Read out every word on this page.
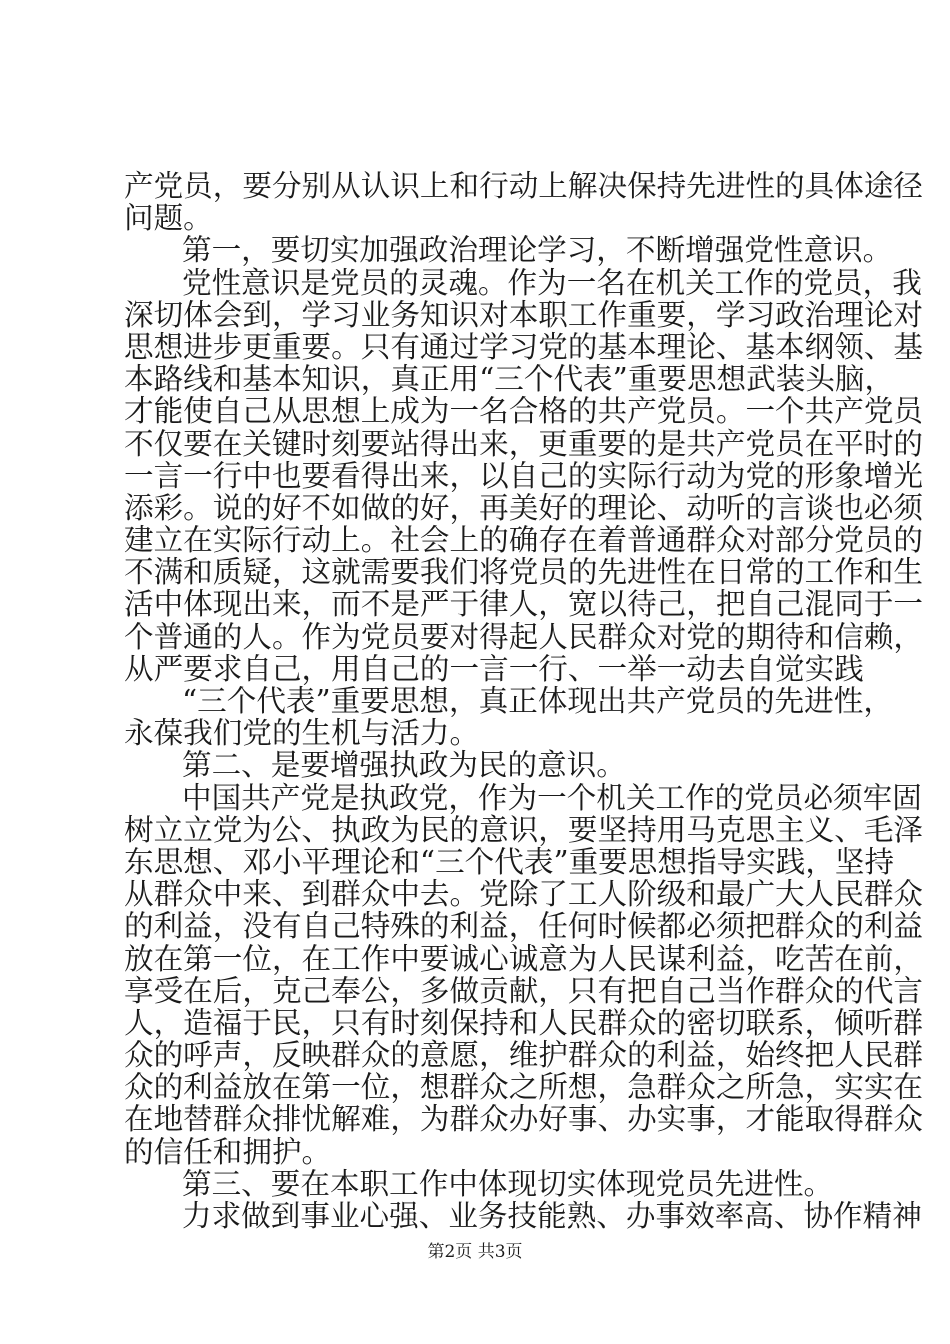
产党员，要分别从认识上和行动上解决保持先进性的具体途径
问题。
第一，要切实加强政治理论学习，不断增强党性意识。
党性意识是党员的灵魂。作为一名在机关工作的党员，我
深切体会到，学习业务知识对本职工作重要，学习政治理论对
思想进步更重要。只有通过学习党的基本理论、基本纲领、基
本路线和基本知识，真正用“三个代表”重要思想武装头脑，
才能使自己从思想上成为一名合格的共产党员。一个共产党员
不仅要在关键时刻要站得出来，更重要的是共产党员在平时的
一言一行中也要看得出来，以自己的实际行动为党的形象增光
添彩。说的好不如做的好，再美好的理论、动听的言谈也必须
建立在实际行动上。社会上的确存在着普通群众对部分党员的
不满和质疑，这就需要我们将党员的先进性在日常的工作和生
活中体现出来，而不是严于律人，宽以待己，把自己混同于一
个普通的人。作为党员要对得起人民群众对党的期待和信赖，
从严要求自己，用自己的一言一行、一举一动去自觉实践
“三个代表”重要思想，真正体现出共产党员的先进性，
永葆我们党的生机与活力。
第二、是要增强执政为民的意识。
中国共产党是执政党，作为一个机关工作的党员必须牢固
树立立党为公、执政为民的意识，要坚持用马克思主义、毛泽
东思想、邓小平理论和“三个代表”重要思想指导实践，坚持
从群众中来、到群众中去。党除了工人阶级和最广大人民群众
的利益，没有自己特殊的利益，任何时候都必须把群众的利益
放在第一位，在工作中要诚心诚意为人民谋利益，吃苦在前，
享受在后，克己奉公，多做贡献，只有把自己当作群众的代言
人，造福于民，只有时刻保持和人民群众的密切联系，倾听群
众的呼声，反映群众的意愿，维护群众的利益，始终把人民群
众的利益放在第一位，想群众之所想，急群众之所急，实实在
在地替群众排忧解难，为群众办好事、办实事，才能取得群众
的信任和拥护。
第三、要在本职工作中体现切实体现党员先进性。
力求做到事业心强、业务技能熟、办事效率高、协作精神
第2页 共3页
